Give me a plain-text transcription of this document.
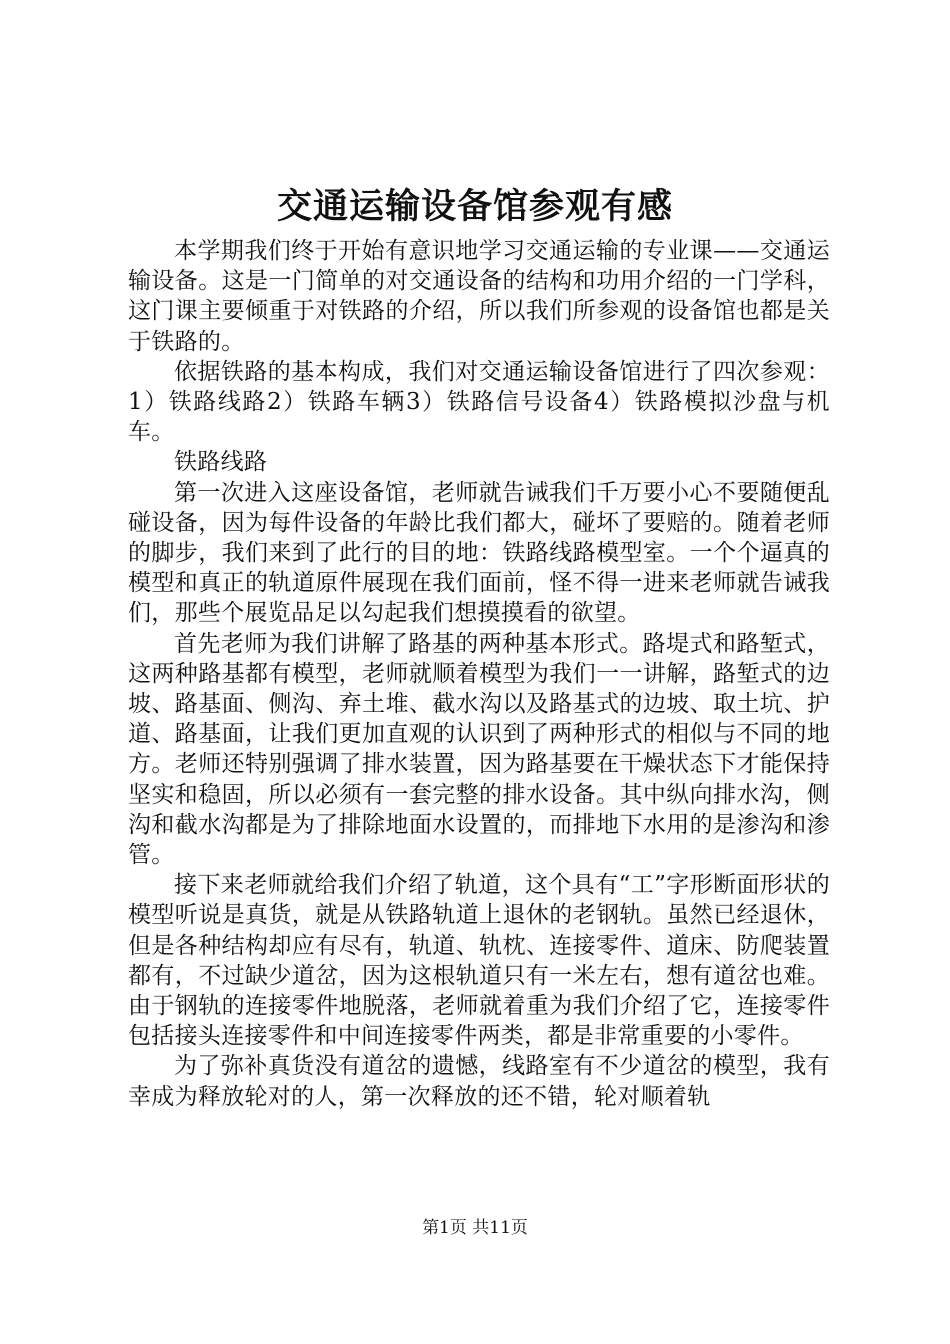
交通运输设备馆参观有感

本学期我们终于开始有意识地学习交通运输的专业课——交通运输设备。这是一门简单的对交通设备的结构和功用介绍的一门学科，这门课主要倾重于对铁路的介绍，所以我们所参观的设备馆也都是关于铁路的。

依据铁路的基本构成，我们对交通运输设备馆进行了四次参观：1）铁路线路2）铁路车辆3）铁路信号设备4）铁路模拟沙盘与机车。

铁路线路

第一次进入这座设备馆，老师就告诫我们千万要小心不要随便乱碰设备，因为每件设备的年龄比我们都大，碰坏了要赔的。随着老师的脚步，我们来到了此行的目的地：铁路线路模型室。一个个逼真的模型和真正的轨道原件展现在我们面前，怪不得一进来老师就告诫我们，那些个展览品足以勾起我们想摸摸看的欲望。

首先老师为我们讲解了路基的两种基本形式。路堤式和路堑式，这两种路基都有模型，老师就顺着模型为我们一一讲解，路堑式的边坡、路基面、侧沟、弃土堆、截水沟以及路基式的边坡、取土坑、护道、路基面，让我们更加直观的认识到了两种形式的相似与不同的地方。老师还特别强调了排水装置，因为路基要在干燥状态下才能保持坚实和稳固，所以必须有一套完整的排水设备。其中纵向排水沟，侧沟和截水沟都是为了排除地面水设置的，而排地下水用的是渗沟和渗管。

接下来老师就给我们介绍了轨道，这个具有“工”字形断面形状的模型听说是真货，就是从铁路轨道上退休的老钢轨。虽然已经退休，但是各种结构却应有尽有，轨道、轨枕、连接零件、道床、防爬装置都有，不过缺少道岔，因为这根轨道只有一米左右，想有道岔也难。由于钢轨的连接零件地脱落，老师就着重为我们介绍了它，连接零件包括接头连接零件和中间连接零件两类，都是非常重要的小零件。

为了弥补真货没有道岔的遗憾，线路室有不少道岔的模型，我有幸成为释放轮对的人，第一次释放的还不错，轮对顺着轨

第1页 共11页
